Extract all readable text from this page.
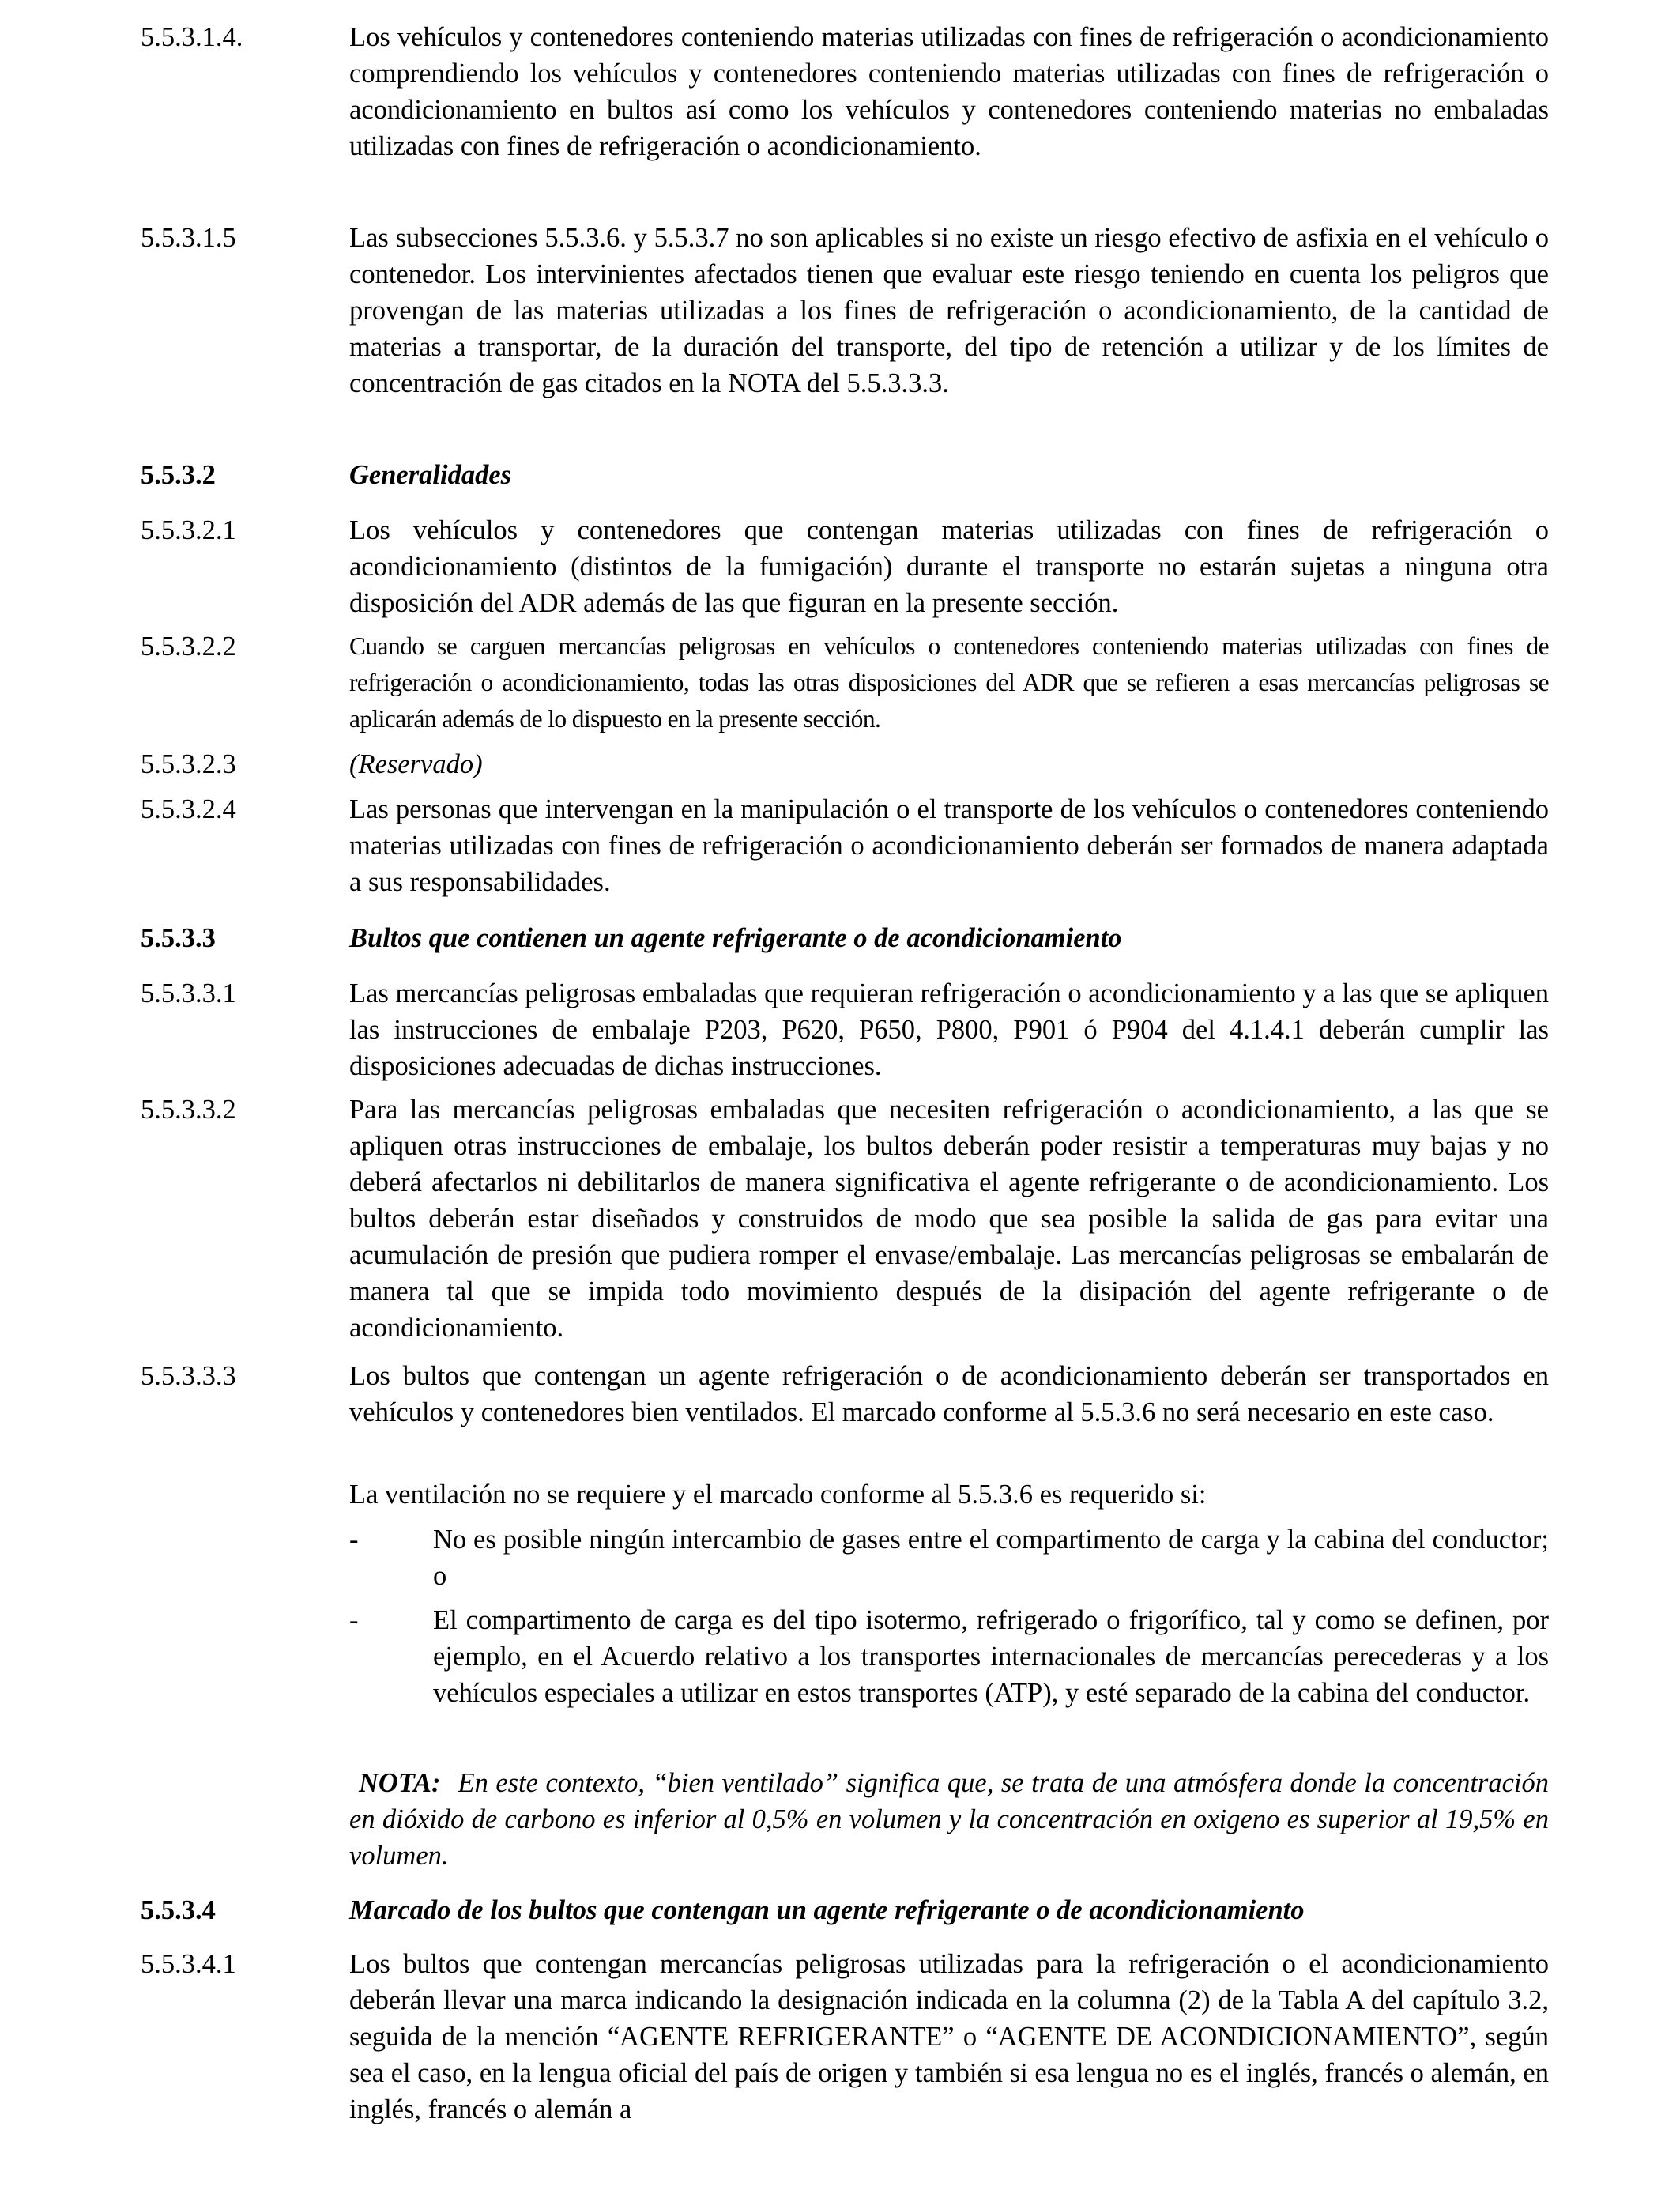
5.5.3.1.4.	Los vehículos y contenedores conteniendo materias utilizadas con fines de refrigeración o acondicionamiento comprendiendo los vehículos y contenedores conteniendo materias utilizadas con fines de refrigeración o acondicionamiento en bultos así como los vehículos y contenedores conteniendo materias no embaladas utilizadas con fines de refrigeración o acondicionamiento.
5.5.3.1.5	Las subsecciones 5.5.3.6. y 5.5.3.7 no son aplicables si no existe un riesgo efectivo de asfixia en el vehículo o contenedor. Los intervinientes afectados tienen que evaluar este riesgo teniendo en cuenta los peligros que provengan de las materias utilizadas a los fines de refrigeración o acondicionamiento, de la cantidad de materias a transportar, de la duración del transporte, del tipo de retención a utilizar y de los límites de concentración de gas citados en la NOTA del 5.5.3.3.3.
5.5.3.2	Generalidades
5.5.3.2.1	Los vehículos y contenedores que contengan materias utilizadas con fines de refrigeración o acondicionamiento (distintos de la fumigación) durante el transporte no estarán sujetas a ninguna otra disposición del ADR además de las que figuran en la presente sección.
5.5.3.2.2	Cuando se carguen mercancías peligrosas en vehículos o contenedores conteniendo materias utilizadas con fines de refrigeración o acondicionamiento, todas las otras disposiciones del ADR que se refieren a esas mercancías peligrosas se aplicarán además de lo dispuesto en la presente sección.
5.5.3.2.3	(Reservado)
5.5.3.2.4	Las personas que intervengan en la manipulación o el transporte de los vehículos o contenedores conteniendo materias utilizadas con fines de refrigeración o acondicionamiento deberán ser formados de manera adaptada a sus responsabilidades.
5.5.3.3	Bultos que contienen un agente refrigerante o de acondicionamiento
5.5.3.3.1	Las mercancías peligrosas embaladas que requieran refrigeración o acondicionamiento y a las que se apliquen las instrucciones de embalaje P203, P620, P650, P800, P901 ó P904 del 4.1.4.1 deberán cumplir las disposiciones adecuadas de dichas instrucciones.
5.5.3.3.2	Para las mercancías peligrosas embaladas que necesiten refrigeración o acondicionamiento, a las que se apliquen otras instrucciones de embalaje, los bultos deberán poder resistir a temperaturas muy bajas y no deberá afectarlos ni debilitarlos de manera significativa el agente refrigerante o de acondicionamiento. Los bultos deberán estar diseñados y construidos de modo que sea posible la salida de gas para evitar una acumulación de presión que pudiera romper el envase/embalaje. Las mercancías peligrosas se embalarán de manera tal que se impida todo movimiento después de la disipación del agente refrigerante o de acondicionamiento.
5.5.3.3.3	Los bultos que contengan un agente refrigeración o de acondicionamiento deberán ser transportados en vehículos y contenedores bien ventilados. El marcado conforme al 5.5.3.6 no será necesario en este caso.
La ventilación no se requiere y el marcado conforme al 5.5.3.6 es requerido si:
-	No es posible ningún intercambio de gases entre el compartimento de carga y la cabina del conductor; o
-	El compartimento de carga es del tipo isotermo, refrigerado o frigorífico, tal y como se definen, por ejemplo, en el Acuerdo relativo a los transportes internacionales de mercancías perecederas y a los vehículos especiales a utilizar en estos transportes (ATP), y esté separado de la cabina del conductor.
NOTA: En este contexto, “bien ventilado” significa que, se trata de una atmósfera donde la concentración en dióxido de carbono es inferior al 0,5% en volumen y la concentración en oxigeno es superior al 19,5% en volumen.
5.5.3.4	Marcado de los bultos que contengan un agente refrigerante o de acondicionamiento
5.5.3.4.1	Los bultos que contengan mercancías peligrosas utilizadas para la refrigeración o el acondicionamiento deberán llevar una marca indicando la designación indicada en la columna (2) de la Tabla A del capítulo 3.2, seguida de la mención “AGENTE REFRIGERANTE” o “AGENTE DE ACONDICIONAMIENTO”, según sea el caso, en la lengua oficial del país de origen y también si esa lengua no es el inglés, francés o alemán, en inglés, francés o alemán a
